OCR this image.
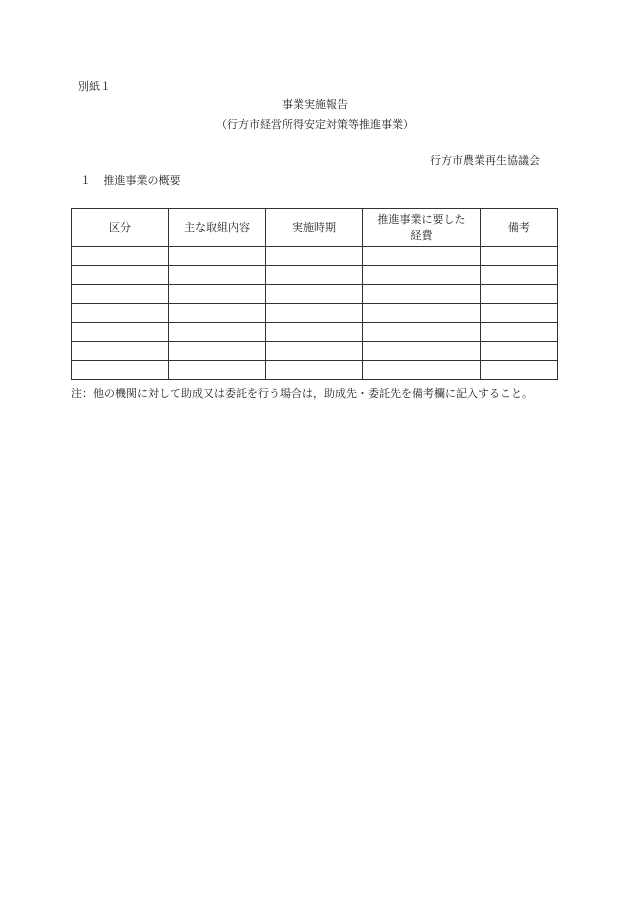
別紙１
事業実施報告
（行方市経営所得安定対策等推進事業）
行方市農業再生協議会
１ 推進事業の概要
区分	主な取組内容	実施時期	推進事業に要した経費	備考

注：他の機関に対して助成又は委託を行う場合は，助成先・委託先を備考欄に記入すること。
